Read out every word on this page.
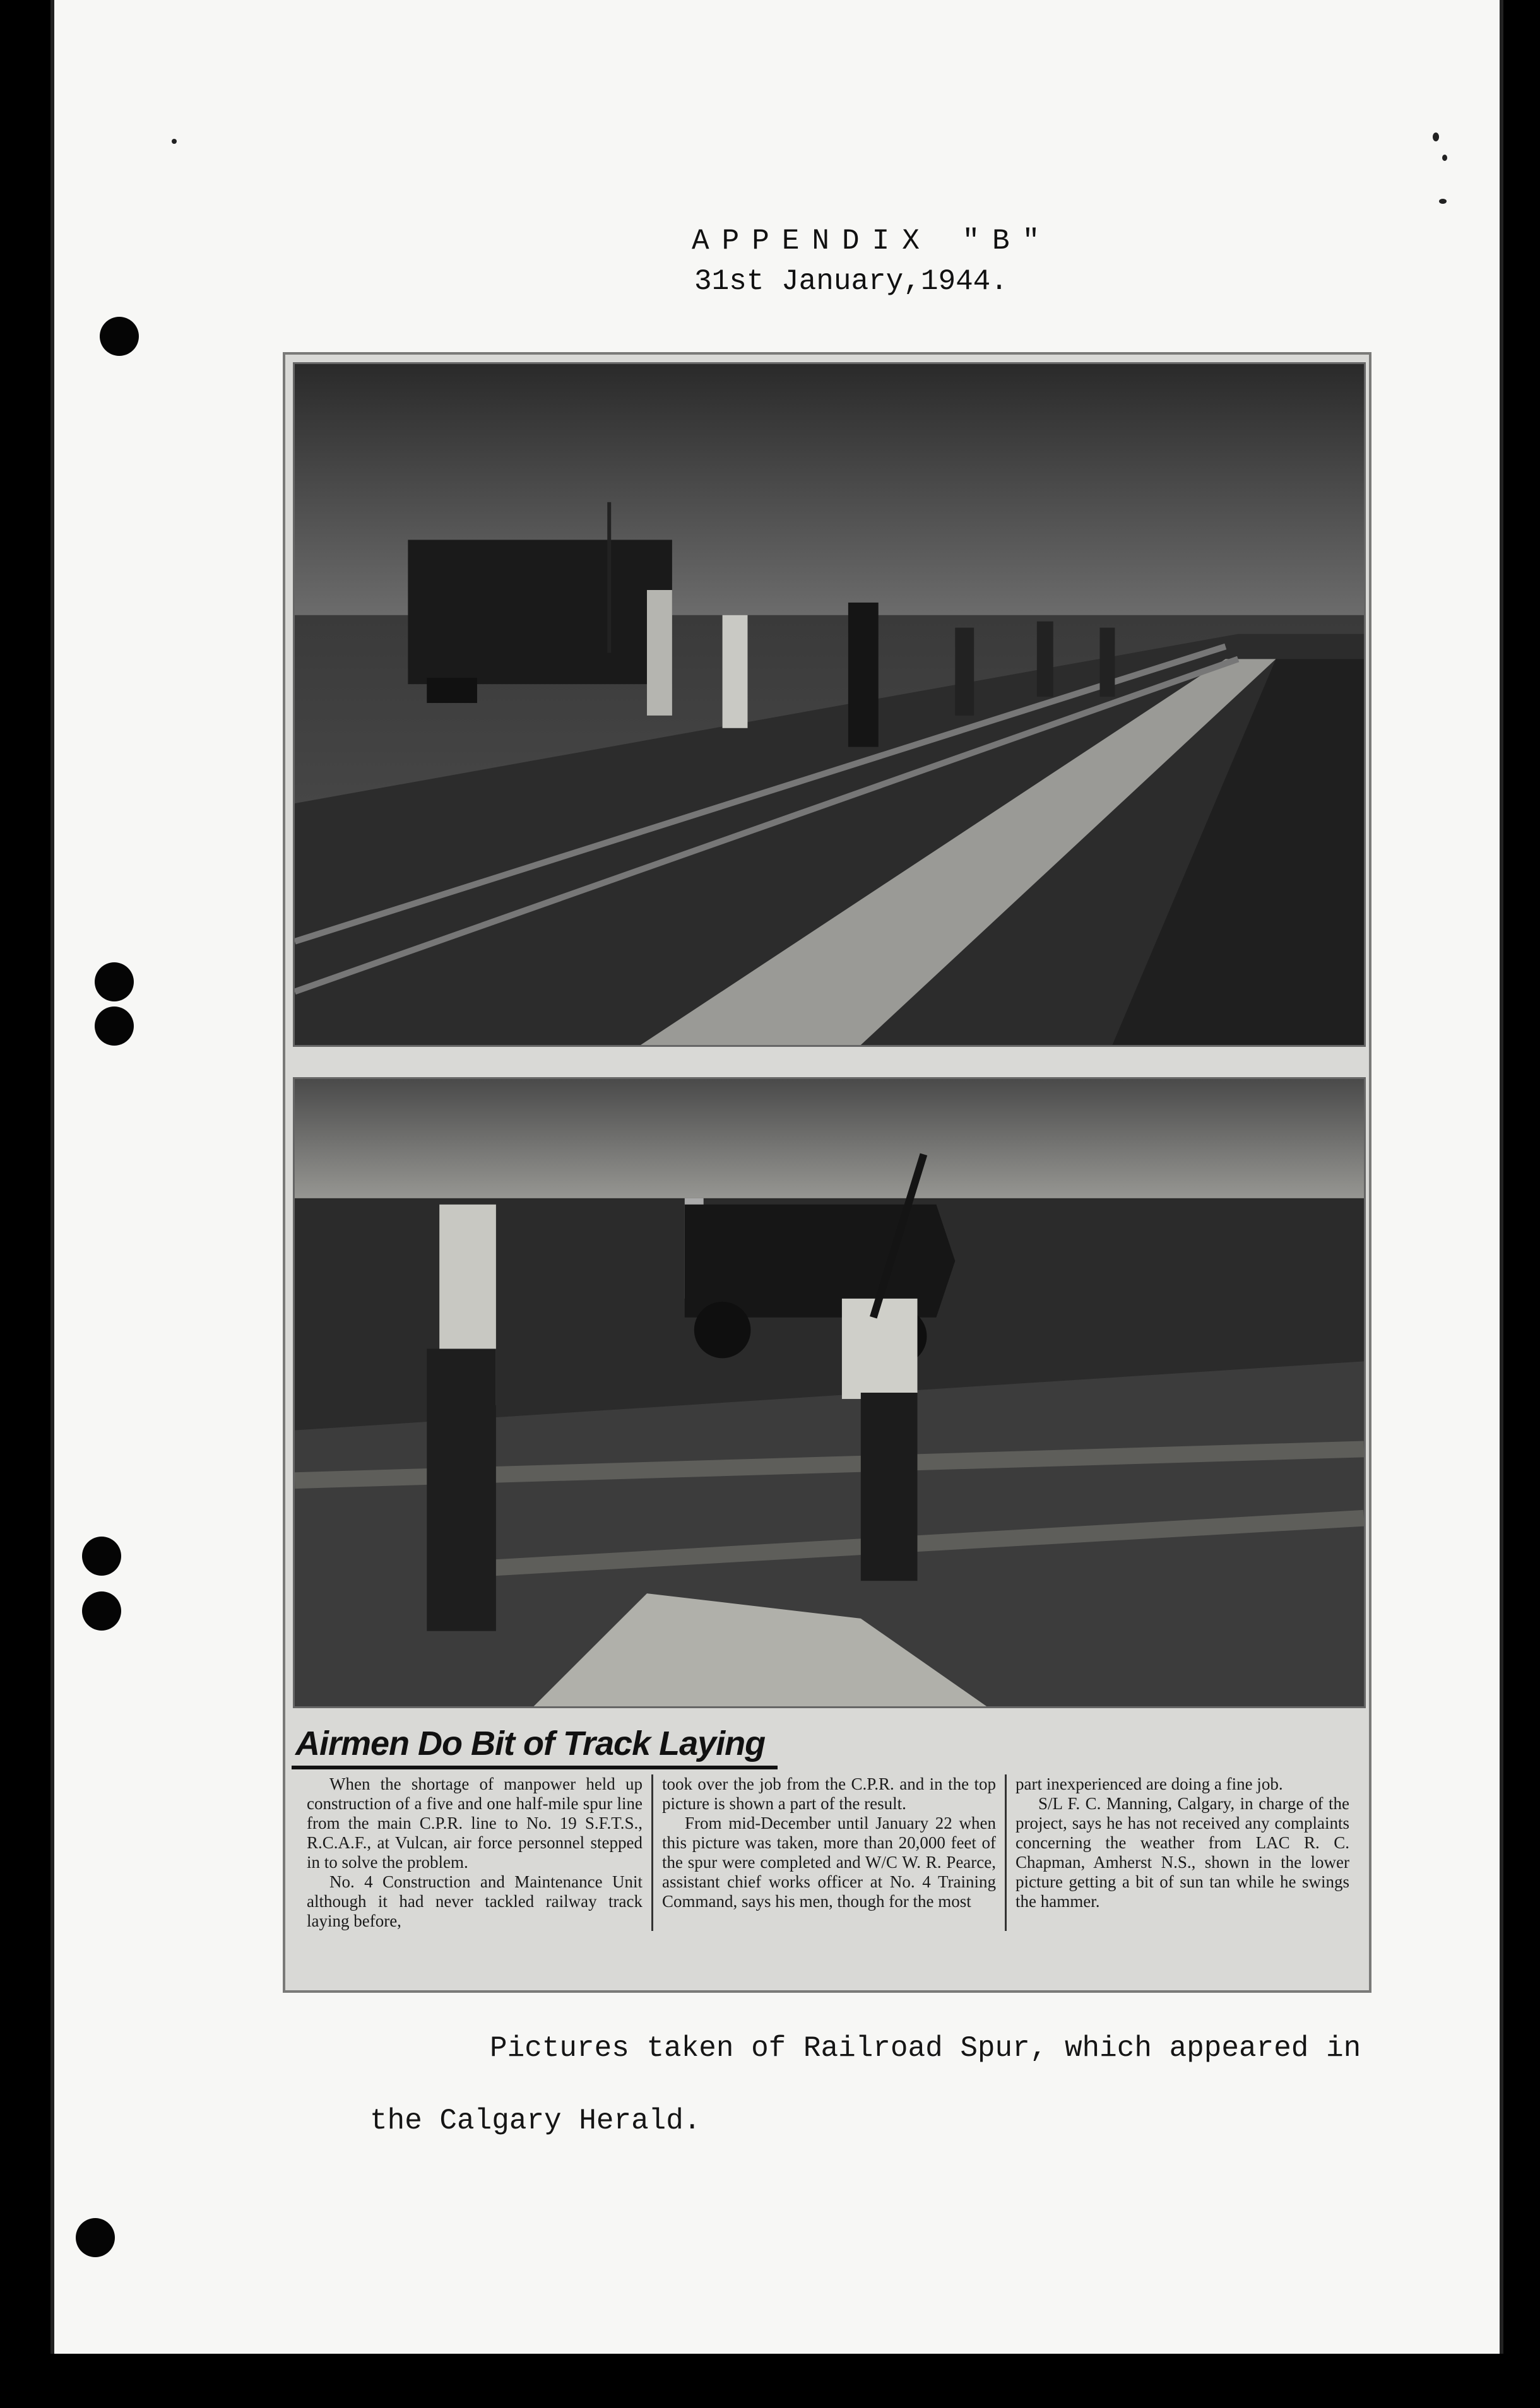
APPENDIX "B"
31st January,1944.
Airmen Do Bit of Track Laying

When the shortage of manpower held up construction of a five and one half-mile spur line from the main C.P.R. line to No. 19 S.F.T.S., R.C.A.F., at Vulcan, air force personnel stepped in to solve the problem.

No. 4 Construction and Maintenance Unit although it had never tackled railway track laying before,

took over the job from the C.P.R. and in the top picture is shown a part of the result.

From mid-December until January 22 when this picture was taken, more than 20,000 feet of the spur were completed and W/C W. R. Pearce, assistant chief works officer at No. 4 Training Command, says his men, though for the most

part inexperienced are doing a fine job.

S/L F. C. Manning, Calgary, in charge of the project, says he has not received any complaints concerning the weather from LAC R. C. Chapman, Amherst N.S., shown in the lower picture getting a bit of sun tan while he swings the hammer.

Pictures taken of Railroad Spur, which appeared in
the Calgary Herald.
